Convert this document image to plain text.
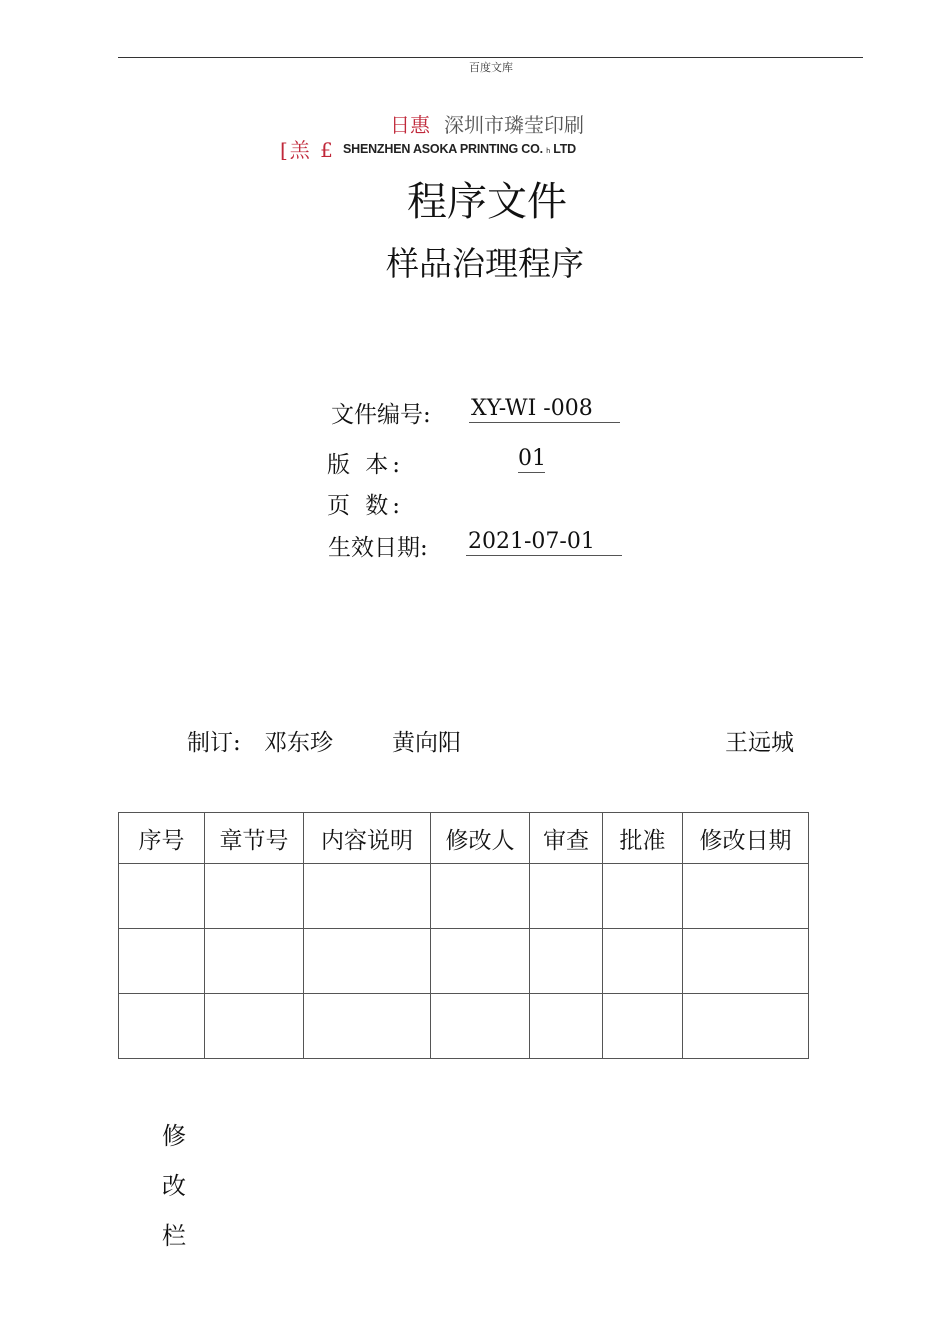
百度文库
日惠 深圳市璘莹印刷
[羔 £ SHENZHEN ASOKA PRINTING CO. h LTD
程序文件
样品治理程序
文件编号: XY-WI -008
版 本:	01
页 数:
生效日期: 2021-07-01
制订: 邓东珍	黄向阳	王远城
序号	章节号	内容说明	修改人	审查	批准	修改日期

修
改
栏
